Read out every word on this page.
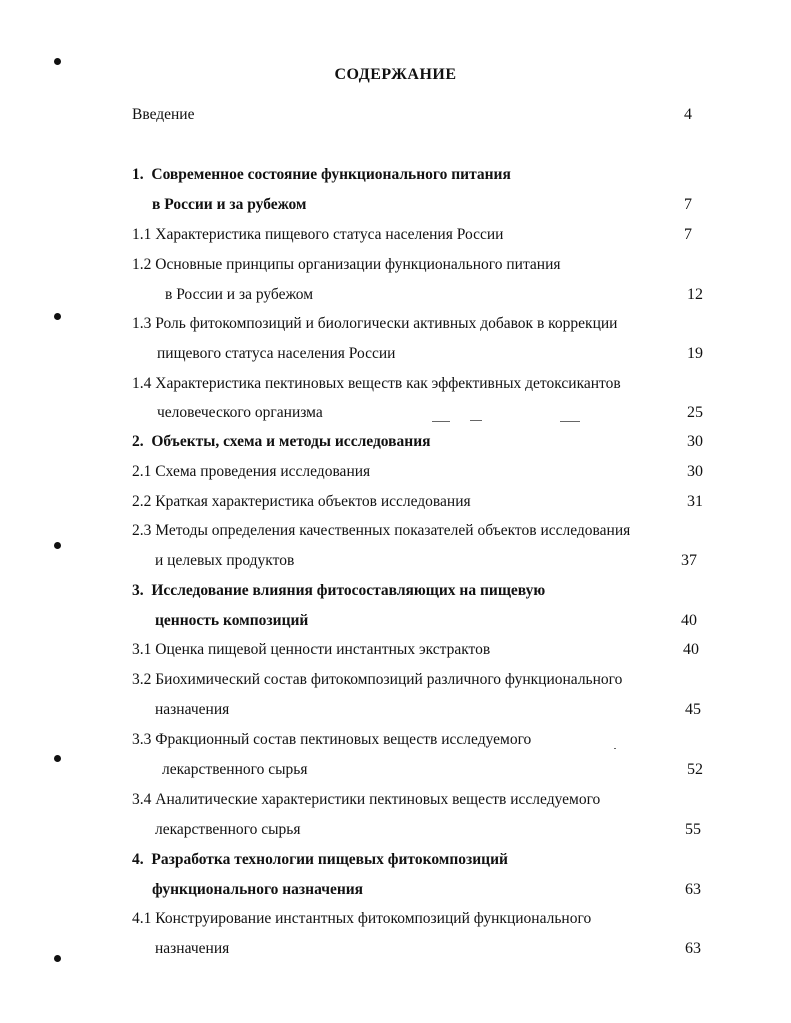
СОДЕРЖАНИЕ
Введение	4
1.  Современное состояние функционального питания
в России и за рубежом	7
1.1 Характеристика пищевого статуса населения России	7
1.2 Основные принципы организации функционального питания
в России и за рубежом	12
1.3 Роль фитокомпозиций и биологически активных добавок в коррекции
пищевого статуса населения России	19
1.4 Характеристика пектиновых веществ как эффективных детоксикантов
человеческого организма	25
2.  Объекты, схема и методы исследования	30
2.1 Схема проведения исследования	30
2.2 Краткая характеристика объектов исследования	31
2.3 Методы определения качественных показателей объектов исследования
и целевых продуктов	37
3.  Исследование влияния фитосоставляющих на пищевую
ценность композиций	40
3.1 Оценка пищевой ценности инстантных экстрактов	40
3.2 Биохимический состав фитокомпозиций различного функционального
назначения	45
3.3 Фракционный состав пектиновых веществ исследуемого
лекарственного сырья	52
3.4 Аналитические характеристики пектиновых веществ исследуемого
лекарственного сырья	55
4.  Разработка технологии пищевых фитокомпозиций
функционального назначения	63
4.1 Конструирование инстантных фитокомпозиций функционального
назначения	63
